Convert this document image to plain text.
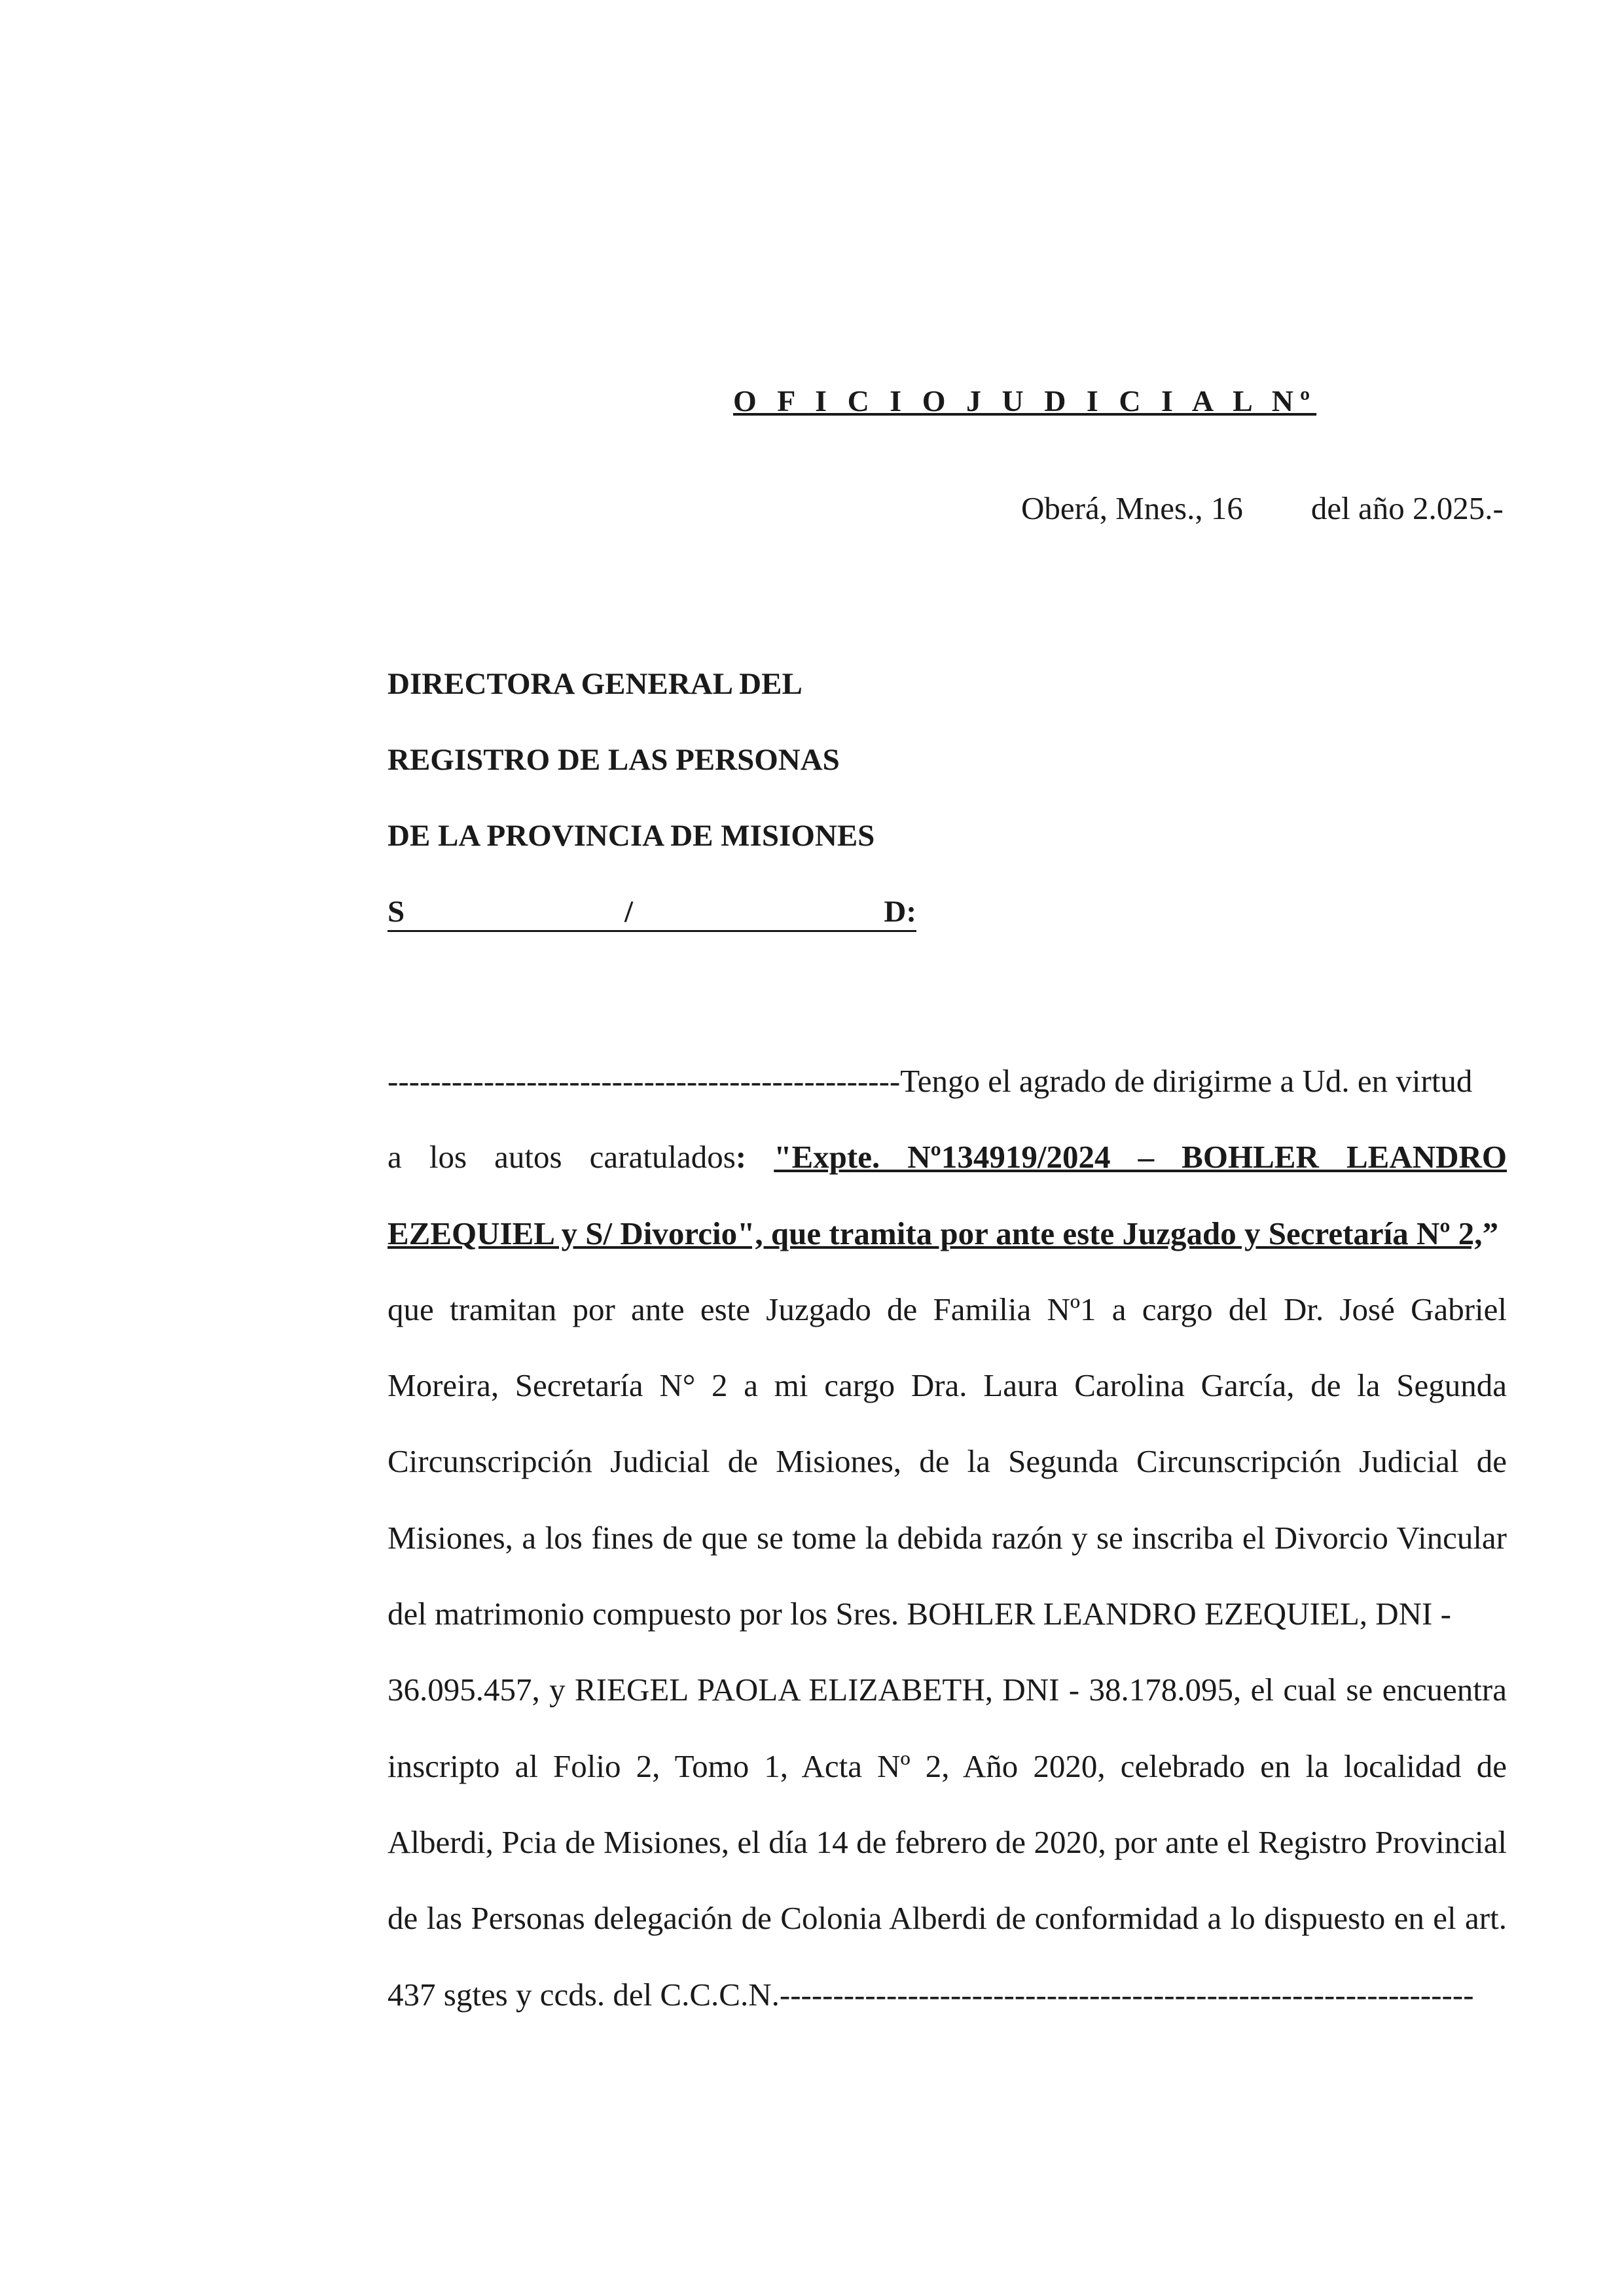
O F I C I O J U D I C I A L Nº
Oberá, Mnes., 16 del año 2.025.-
DIRECTORA GENERAL DEL
REGISTRO DE LAS PERSONAS
DE LA PROVINCIA DE MISIONES
S	/	D:
------------------------------------------------Tengo el agrado de dirigirme a Ud. en virtud
a los autos caratulados: "Expte. Nº134919/2024 – BOHLER LEANDRO
EZEQUIEL y S/ Divorcio", que tramita por ante este Juzgado y Secretaría Nº 2,”
que tramitan por ante este Juzgado de Familia Nº1 a cargo del Dr. José Gabriel
Moreira, Secretaría N° 2 a mi cargo Dra. Laura Carolina García, de la Segunda
Circunscripción Judicial de Misiones, de la Segunda Circunscripción Judicial de
Misiones, a los fines de que se tome la debida razón y se inscriba el Divorcio Vincular
del matrimonio compuesto por los Sres. BOHLER LEANDRO EZEQUIEL, DNI -
36.095.457, y RIEGEL PAOLA ELIZABETH, DNI - 38.178.095, el cual se encuentra
inscripto al Folio 2, Tomo 1, Acta Nº 2, Año 2020, celebrado en la localidad de
Alberdi, Pcia de Misiones, el día 14 de febrero de 2020, por ante el Registro Provincial
de las Personas delegación de Colonia Alberdi de conformidad a lo dispuesto en el art.
437 sgtes y ccds. del C.C.C.N.-----------------------------------------------------------------
